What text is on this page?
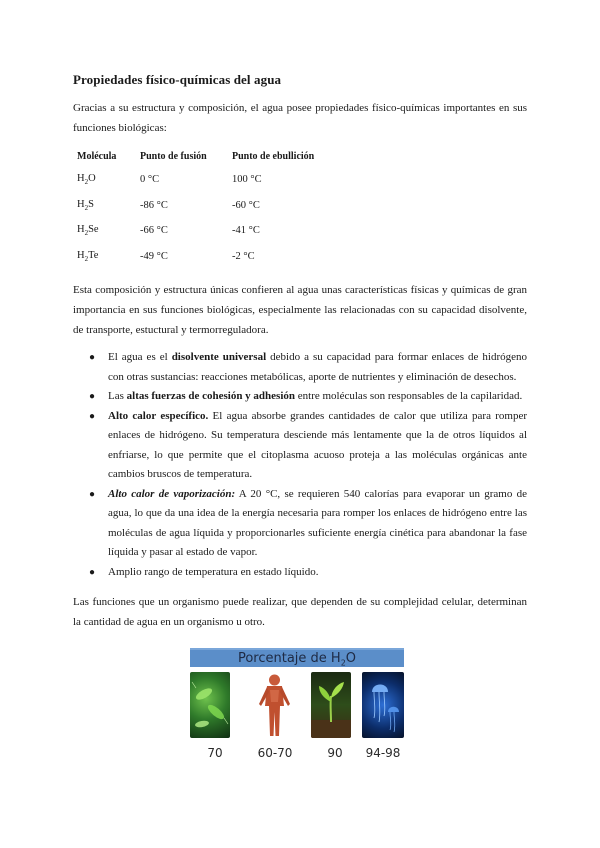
Propiedades físico-químicas del agua
Gracias a su estructura y composición, el agua posee propiedades físico-químicas importantes en sus funciones biológicas:
Molécula	Punto de fusión	Punto de ebullición
$H_2O$	0 °C	100 °C
$H_2S$	-86 °C	-60 °C
$H_2Se$	-66 °C	-41 °C
$H_2Te$	-49 °C	-2 °C
Esta composición y estructura únicas confieren al agua unas características físicas y químicas de gran importancia en sus funciones biológicas, especialmente las relacionadas con su capacidad disolvente, de transporte, estuctural y termorreguladora.
● El agua es el disolvente universal debido a su capacidad para formar enlaces de hidrógeno con otras sustancias: reacciones metabólicas, aporte de nutrientes y eliminación de desechos.
● Las altas fuerzas de cohesión y adhesión entre moléculas son responsables de la capilaridad.
● Alto calor específico. El agua absorbe grandes cantidades de calor que utiliza para romper enlaces de hidrógeno. Su temperatura desciende más lentamente que la de otros líquidos al enfriarse, lo que permite que el citoplasma acuoso proteja a las moléculas orgánicas ante cambios bruscos de temperatura.
● Alto calor de vaporización: A 20 °C, se requieren 540 calorías para evaporar un gramo de agua, lo que da una idea de la energía necesaria para romper los enlaces de hidrógeno entre las moléculas de agua líquida y proporcionarles suficiente energía cinética para abandonar la fase líquida y pasar al estado de vapor.
● Amplio rango de temperatura en estado líquido.
Las funciones que un organismo puede realizar, que dependen de su complejidad celular, determinan la cantidad de agua en un organismo u otro.
Porcentaje de $H_2O$
70	60-70	90	94-98
